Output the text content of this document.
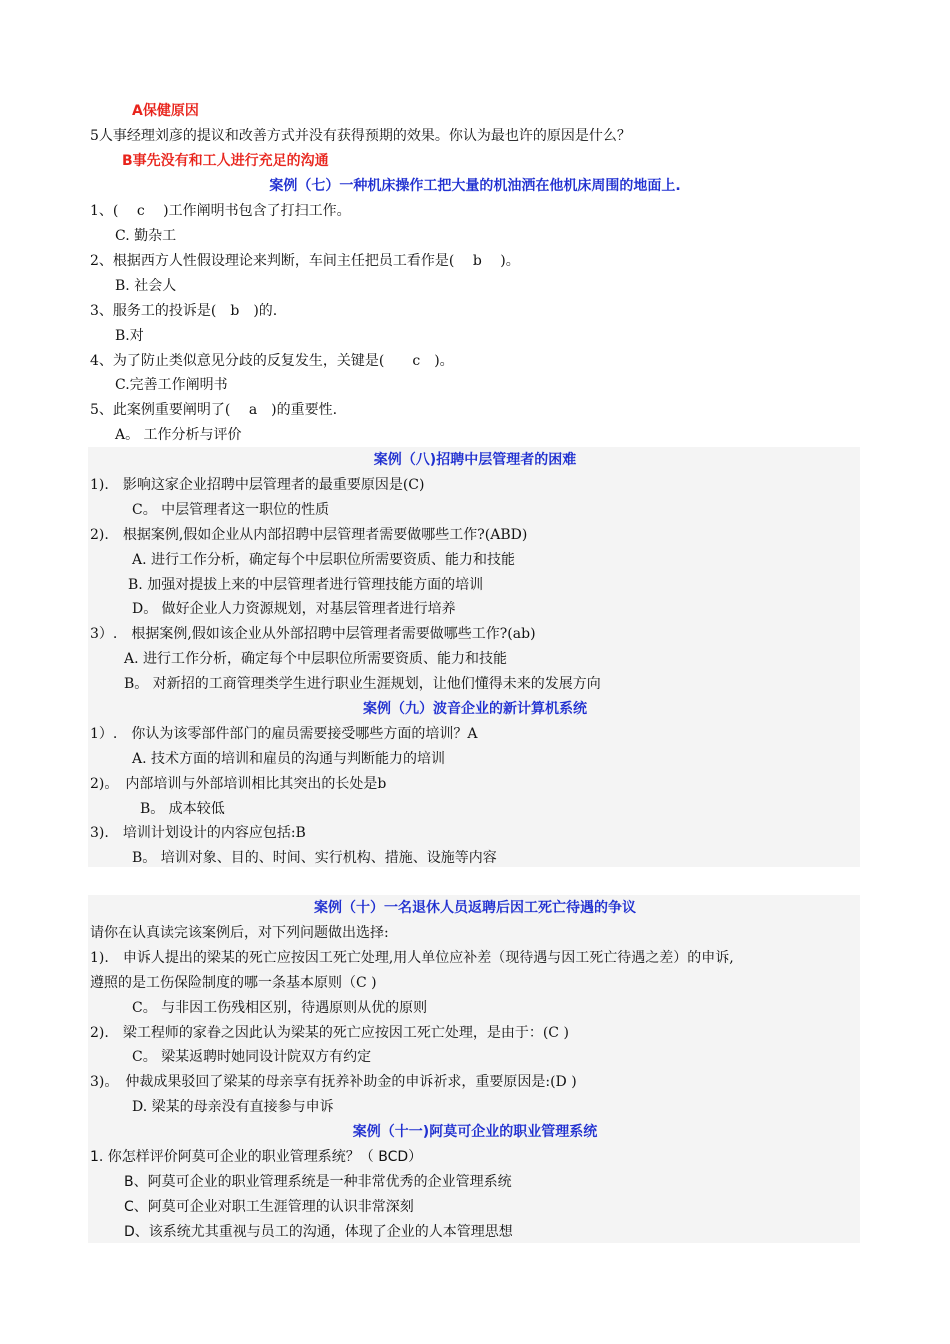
A保健原因
5人事经理刘彦的提议和改善方式并没有获得预期的效果。你认为最也许的原因是什么？
B事先没有和工人进行充足的沟通
案例（七）一种机床操作工把大量的机油洒在他机床周围的地面上.
1、(　 c　 )工作阐明书包含了打扫工作。
C. 勤杂工
2、根据西方人性假设理论来判断，车间主任把员工看作是(　 b　 )。
B. 社会人
3、服务工的投诉是(　b　)的.
B.对
4、为了防止类似意见分歧的反复发生，关键是(　　c　)。
C.完善工作阐明书
5、此案例重要阐明了(　 a　)的重要性.
A。 工作分析与评价
案例（八)招聘中层管理者的困难
1).　影响这家企业招聘中层管理者的最重要原因是(C)
C。 中层管理者这一职位的性质
2).　根据案例,假如企业从内部招聘中层管理者需要做哪些工作?(ABD)
A. 进行工作分析，确定每个中层职位所需要资质、能力和技能
B. 加强对提拔上来的中层管理者进行管理技能方面的培训
D。 做好企业人力资源规划，对基层管理者进行培养
3）.　根据案例,假如该企业从外部招聘中层管理者需要做哪些工作?(ab)
A. 进行工作分析，确定每个中层职位所需要资质、能力和技能
B。 对新招的工商管理类学生进行职业生涯规划，让他们懂得未来的发展方向
案例（九）波音企业的新计算机系统
1）.　你认为该零部件部门的雇员需要接受哪些方面的培训？A
A. 技术方面的培训和雇员的沟通与判断能力的培训
2)。　内部培训与外部培训相比其突出的长处是b
B。 成本较低
3).　培训计划设计的内容应包括:B
B。 培训对象、目的、时间、实行机构、措施、设施等内容
案例（十）一名退休人员返聘后因工死亡待遇的争议
请你在认真读完该案例后，对下列问题做出选择:
1).　申诉人提出的梁某的死亡应按因工死亡处理,用人单位应补差（现待遇与因工死亡待遇之差）的申诉,
遵照的是工伤保险制度的哪一条基本原则（C )
C。 与非因工伤残相区别，待遇原则从优的原则
2).　梁工程师的家眷之因此认为梁某的死亡应按因工死亡处理，是由于：(C )
C。 梁某返聘时她同设计院双方有约定
3)。　仲裁成果驳回了梁某的母亲享有抚养补助金的申诉祈求，重要原因是:(D )
D. 梁某的母亲没有直接参与申诉
案例（十一)阿莫可企业的职业管理系统
1. 你怎样评价阿莫可企业的职业管理系统？（ BCD）
B、阿莫可企业的职业管理系统是一种非常优秀的企业管理系统
C、阿莫可企业对职工生涯管理的认识非常深刻
D、该系统尤其重视与员工的沟通，体现了企业的人本管理思想
